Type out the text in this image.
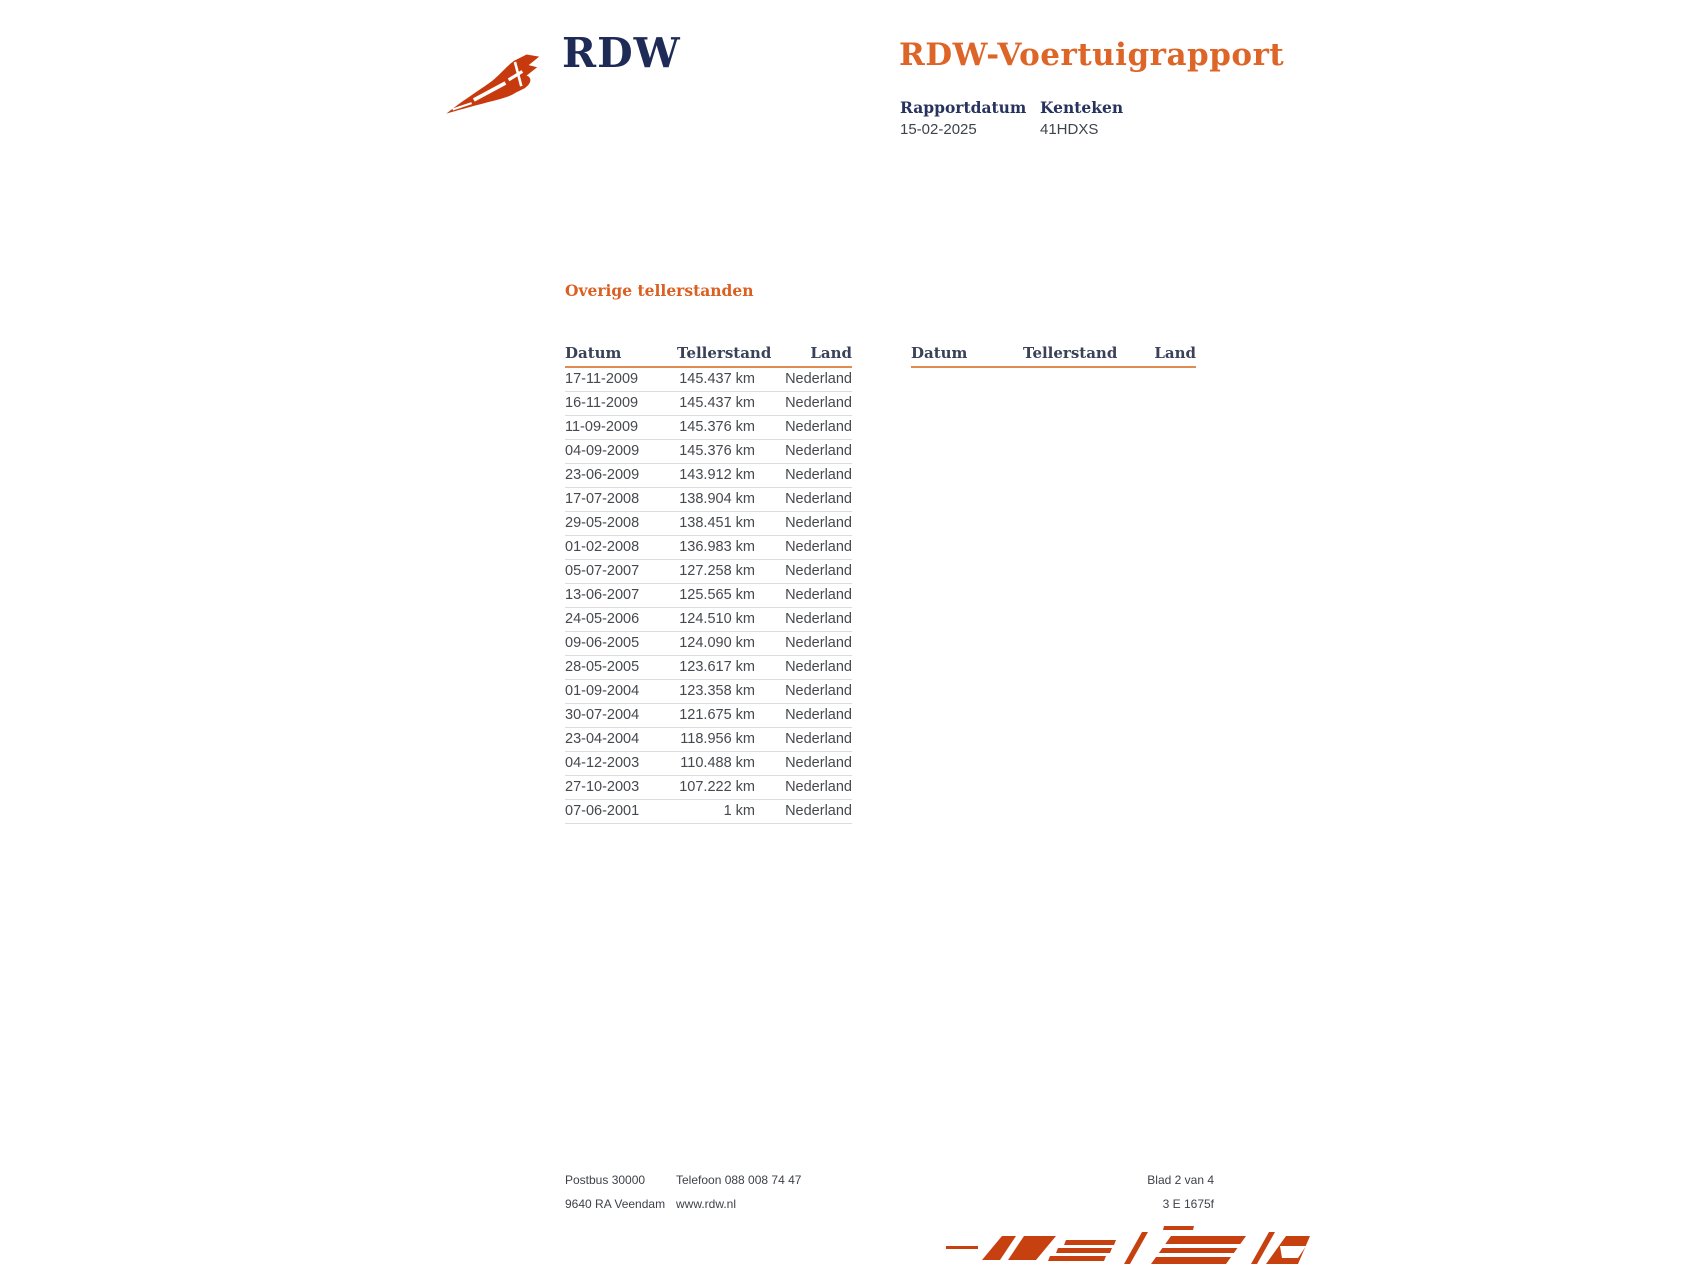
RDW	RDW-Voertuigrapport
Rapportdatum Kenteken
15-02-2025	41HDXS
Overige tellerstanden
Datum	Tellerstand	Land
17-11-2009	145.437 km	Nederland
16-11-2009	145.437 km	Nederland
11-09-2009	145.376 km	Nederland
04-09-2009	145.376 km	Nederland
23-06-2009	143.912 km	Nederland
17-07-2008	138.904 km	Nederland
29-05-2008	138.451 km	Nederland
01-02-2008	136.983 km	Nederland
05-07-2007	127.258 km	Nederland
13-06-2007	125.565 km	Nederland
24-05-2006	124.510 km	Nederland
09-06-2005	124.090 km	Nederland
28-05-2005	123.617 km	Nederland
01-09-2004	123.358 km	Nederland
30-07-2004	121.675 km	Nederland
23-04-2004	118.956 km	Nederland
04-12-2003	110.488 km	Nederland
27-10-2003	107.222 km	Nederland
07-06-2001	1 km	Nederland
Datum	Tellerstand	Land
Postbus 30000
9640 RA Veendam
Telefoon 088 008 74 47
www.rdw.nl
Blad 2 van 4
3 E 1675f
